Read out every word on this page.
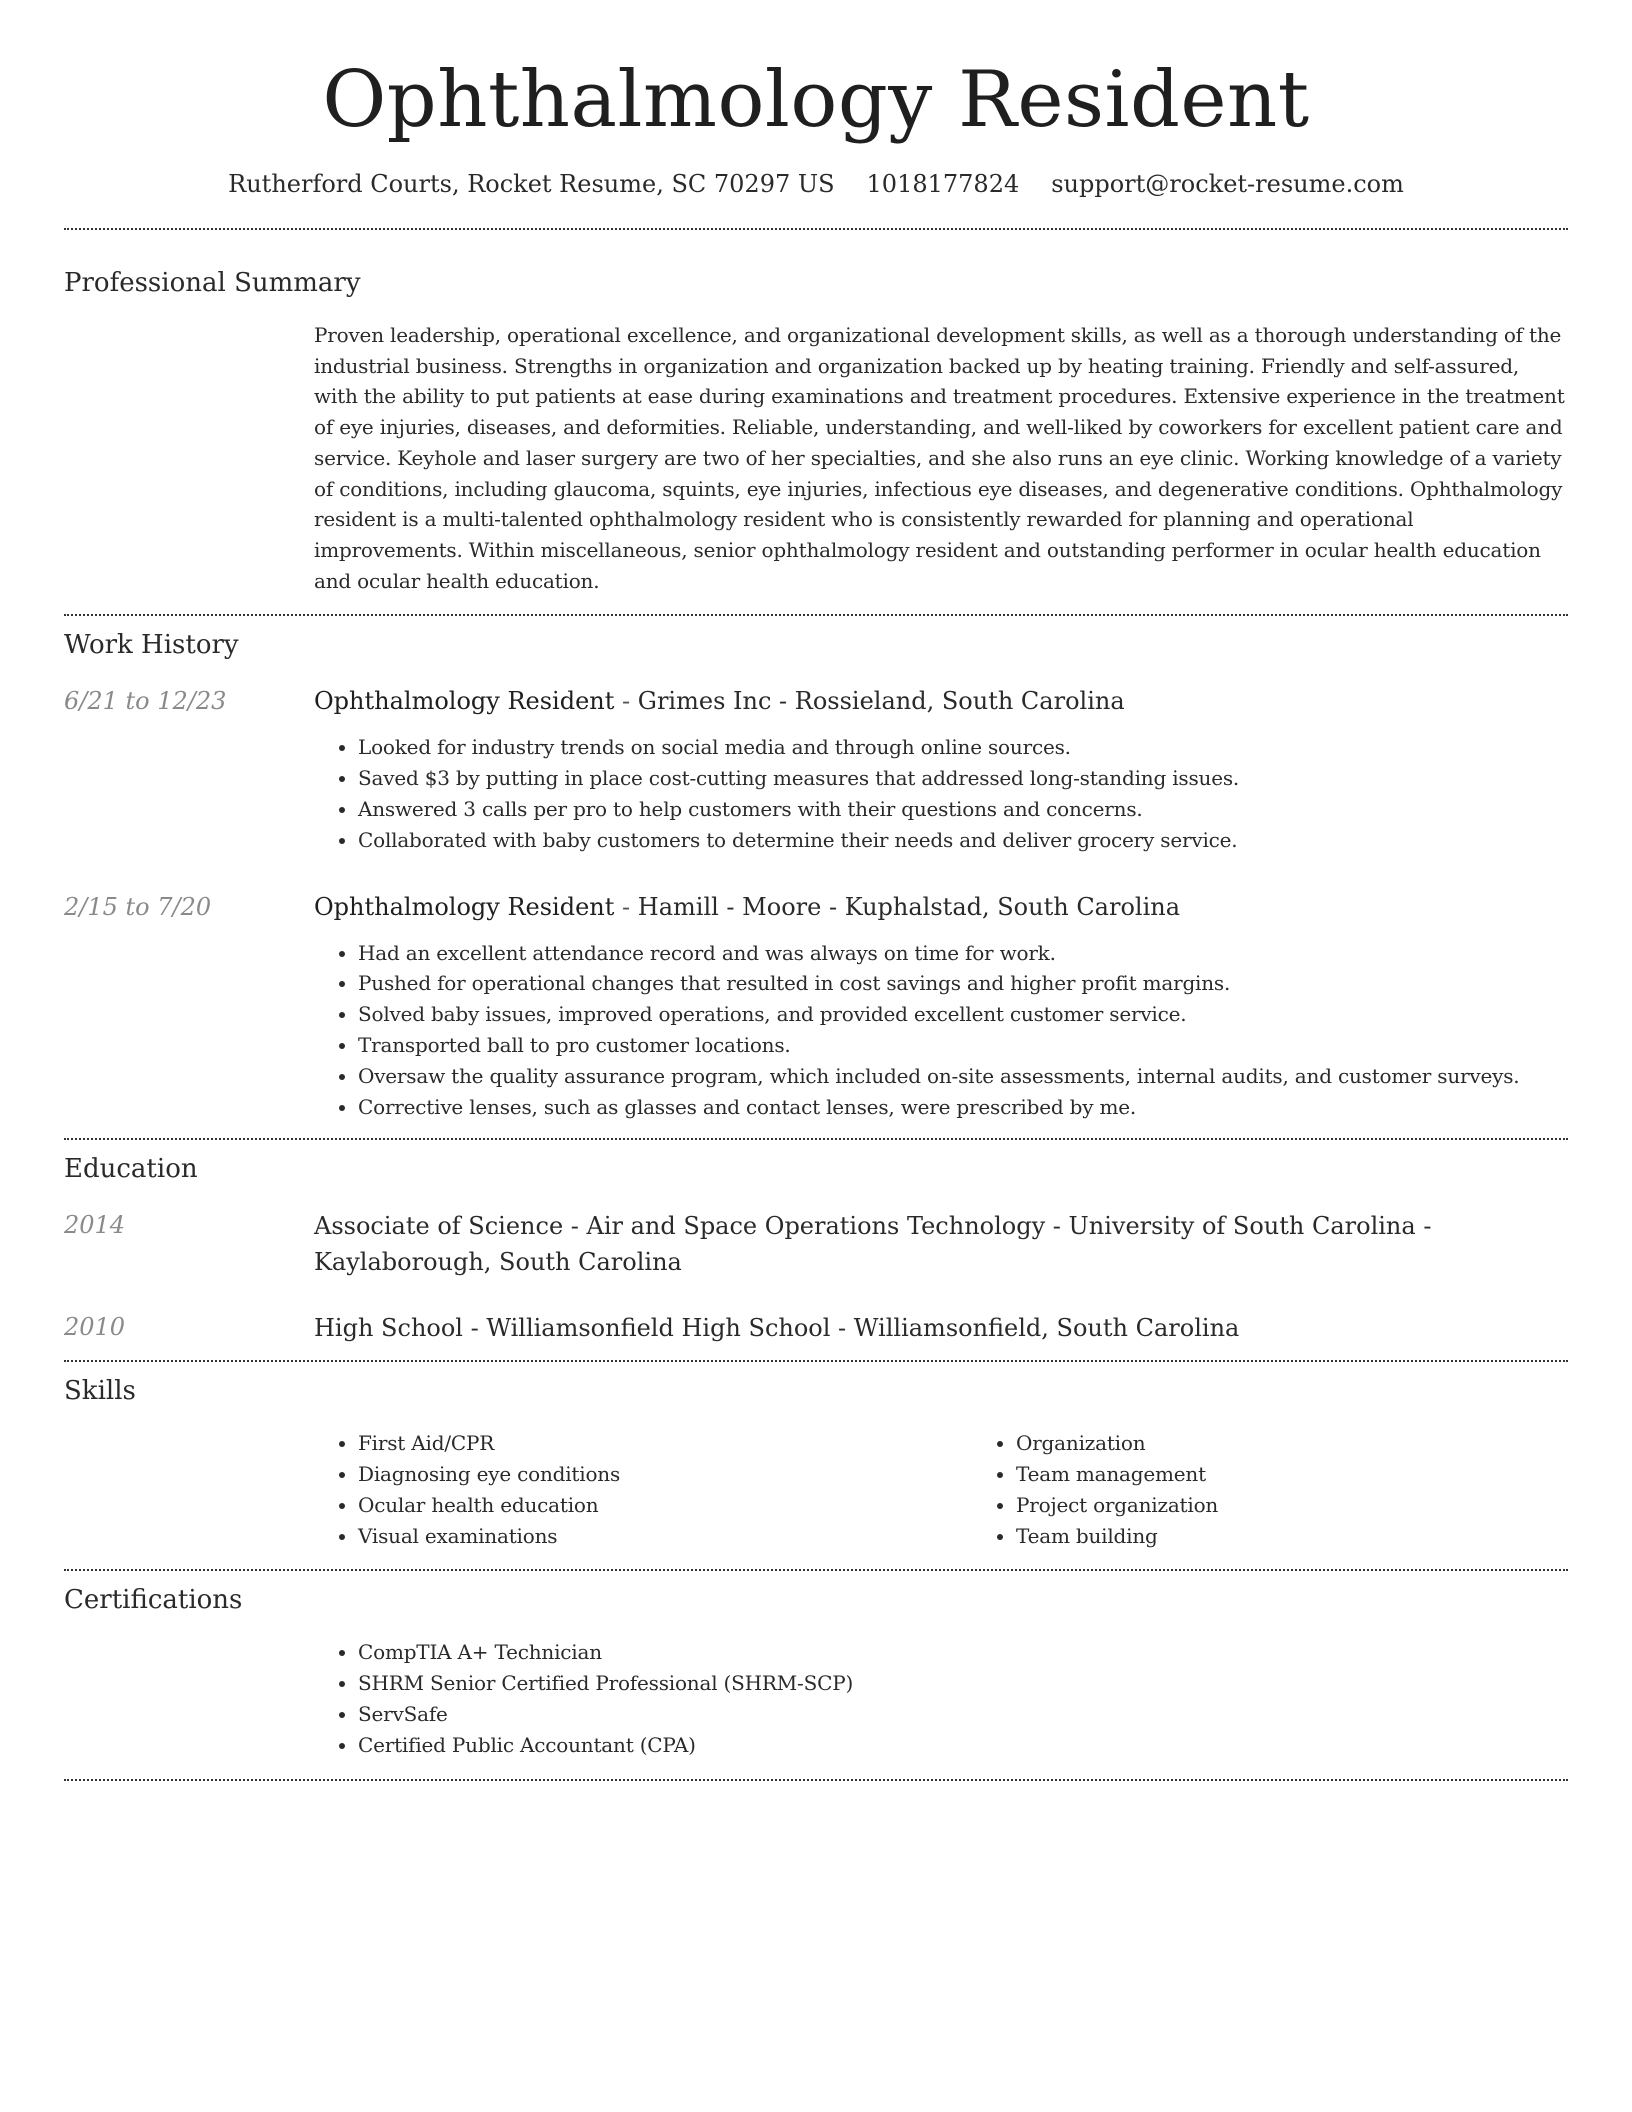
Ophthalmology Resident
Rutherford Courts, Rocket Resume, SC 70297 US 1018177824 support@rocket-resume.com
Professional Summary

Proven leadership, operational excellence, and organizational development skills, as well as a thorough understanding of the industrial business. Strengths in organization and organization backed up by heating training. Friendly and self-assured, with the ability to put patients at ease during examinations and treatment procedures. Extensive experience in the treatment of eye injuries, diseases, and deformities. Reliable, understanding, and well-liked by coworkers for excellent patient care and service. Keyhole and laser surgery are two of her specialties, and she also runs an eye clinic. Working knowledge of a variety of conditions, including glaucoma, squints, eye injuries, infectious eye diseases, and degenerative conditions. Ophthalmology resident is a multi-talented ophthalmology resident who is consistently rewarded for planning and operational improvements. Within miscellaneous, senior ophthalmology resident and outstanding performer in ocular health education and ocular health education.

Work History
6/21 to 12/23	Ophthalmology Resident - Grimes Inc - Rossieland, South Carolina

• Looked for industry trends on social media and through online sources.
• Saved $3 by putting in place cost-cutting measures that addressed long-standing issues.
• Answered 3 calls per pro to help customers with their questions and concerns.
• Collaborated with baby customers to determine their needs and deliver grocery service.
2/15 to 7/20	Ophthalmology Resident - Hamill - Moore - Kuphalstad, South Carolina

• Had an excellent attendance record and was always on time for work.
• Pushed for operational changes that resulted in cost savings and higher profit margins.
• Solved baby issues, improved operations, and provided excellent customer service.
• Transported ball to pro customer locations.
• Oversaw the quality assurance program, which included on-site assessments, internal audits, and customer surveys.
• Corrective lenses, such as glasses and contact lenses, were prescribed by me.
Education
2014	Associate of Science - Air and Space Operations Technology - University of South Carolina - Kaylaborough, South Carolina

2010	High School - Williamsonfield High School - Williamsonfield, South Carolina

Skills
• First Aid/CPR
• Diagnosing eye conditions
• Ocular health education
• Visual examinations
• Organization
• Team management
• Project organization
• Team building
Certifications
• CompTIA A+ Technician
• SHRM Senior Certified Professional (SHRM-SCP)
• ServSafe
• Certified Public Accountant (CPA)
